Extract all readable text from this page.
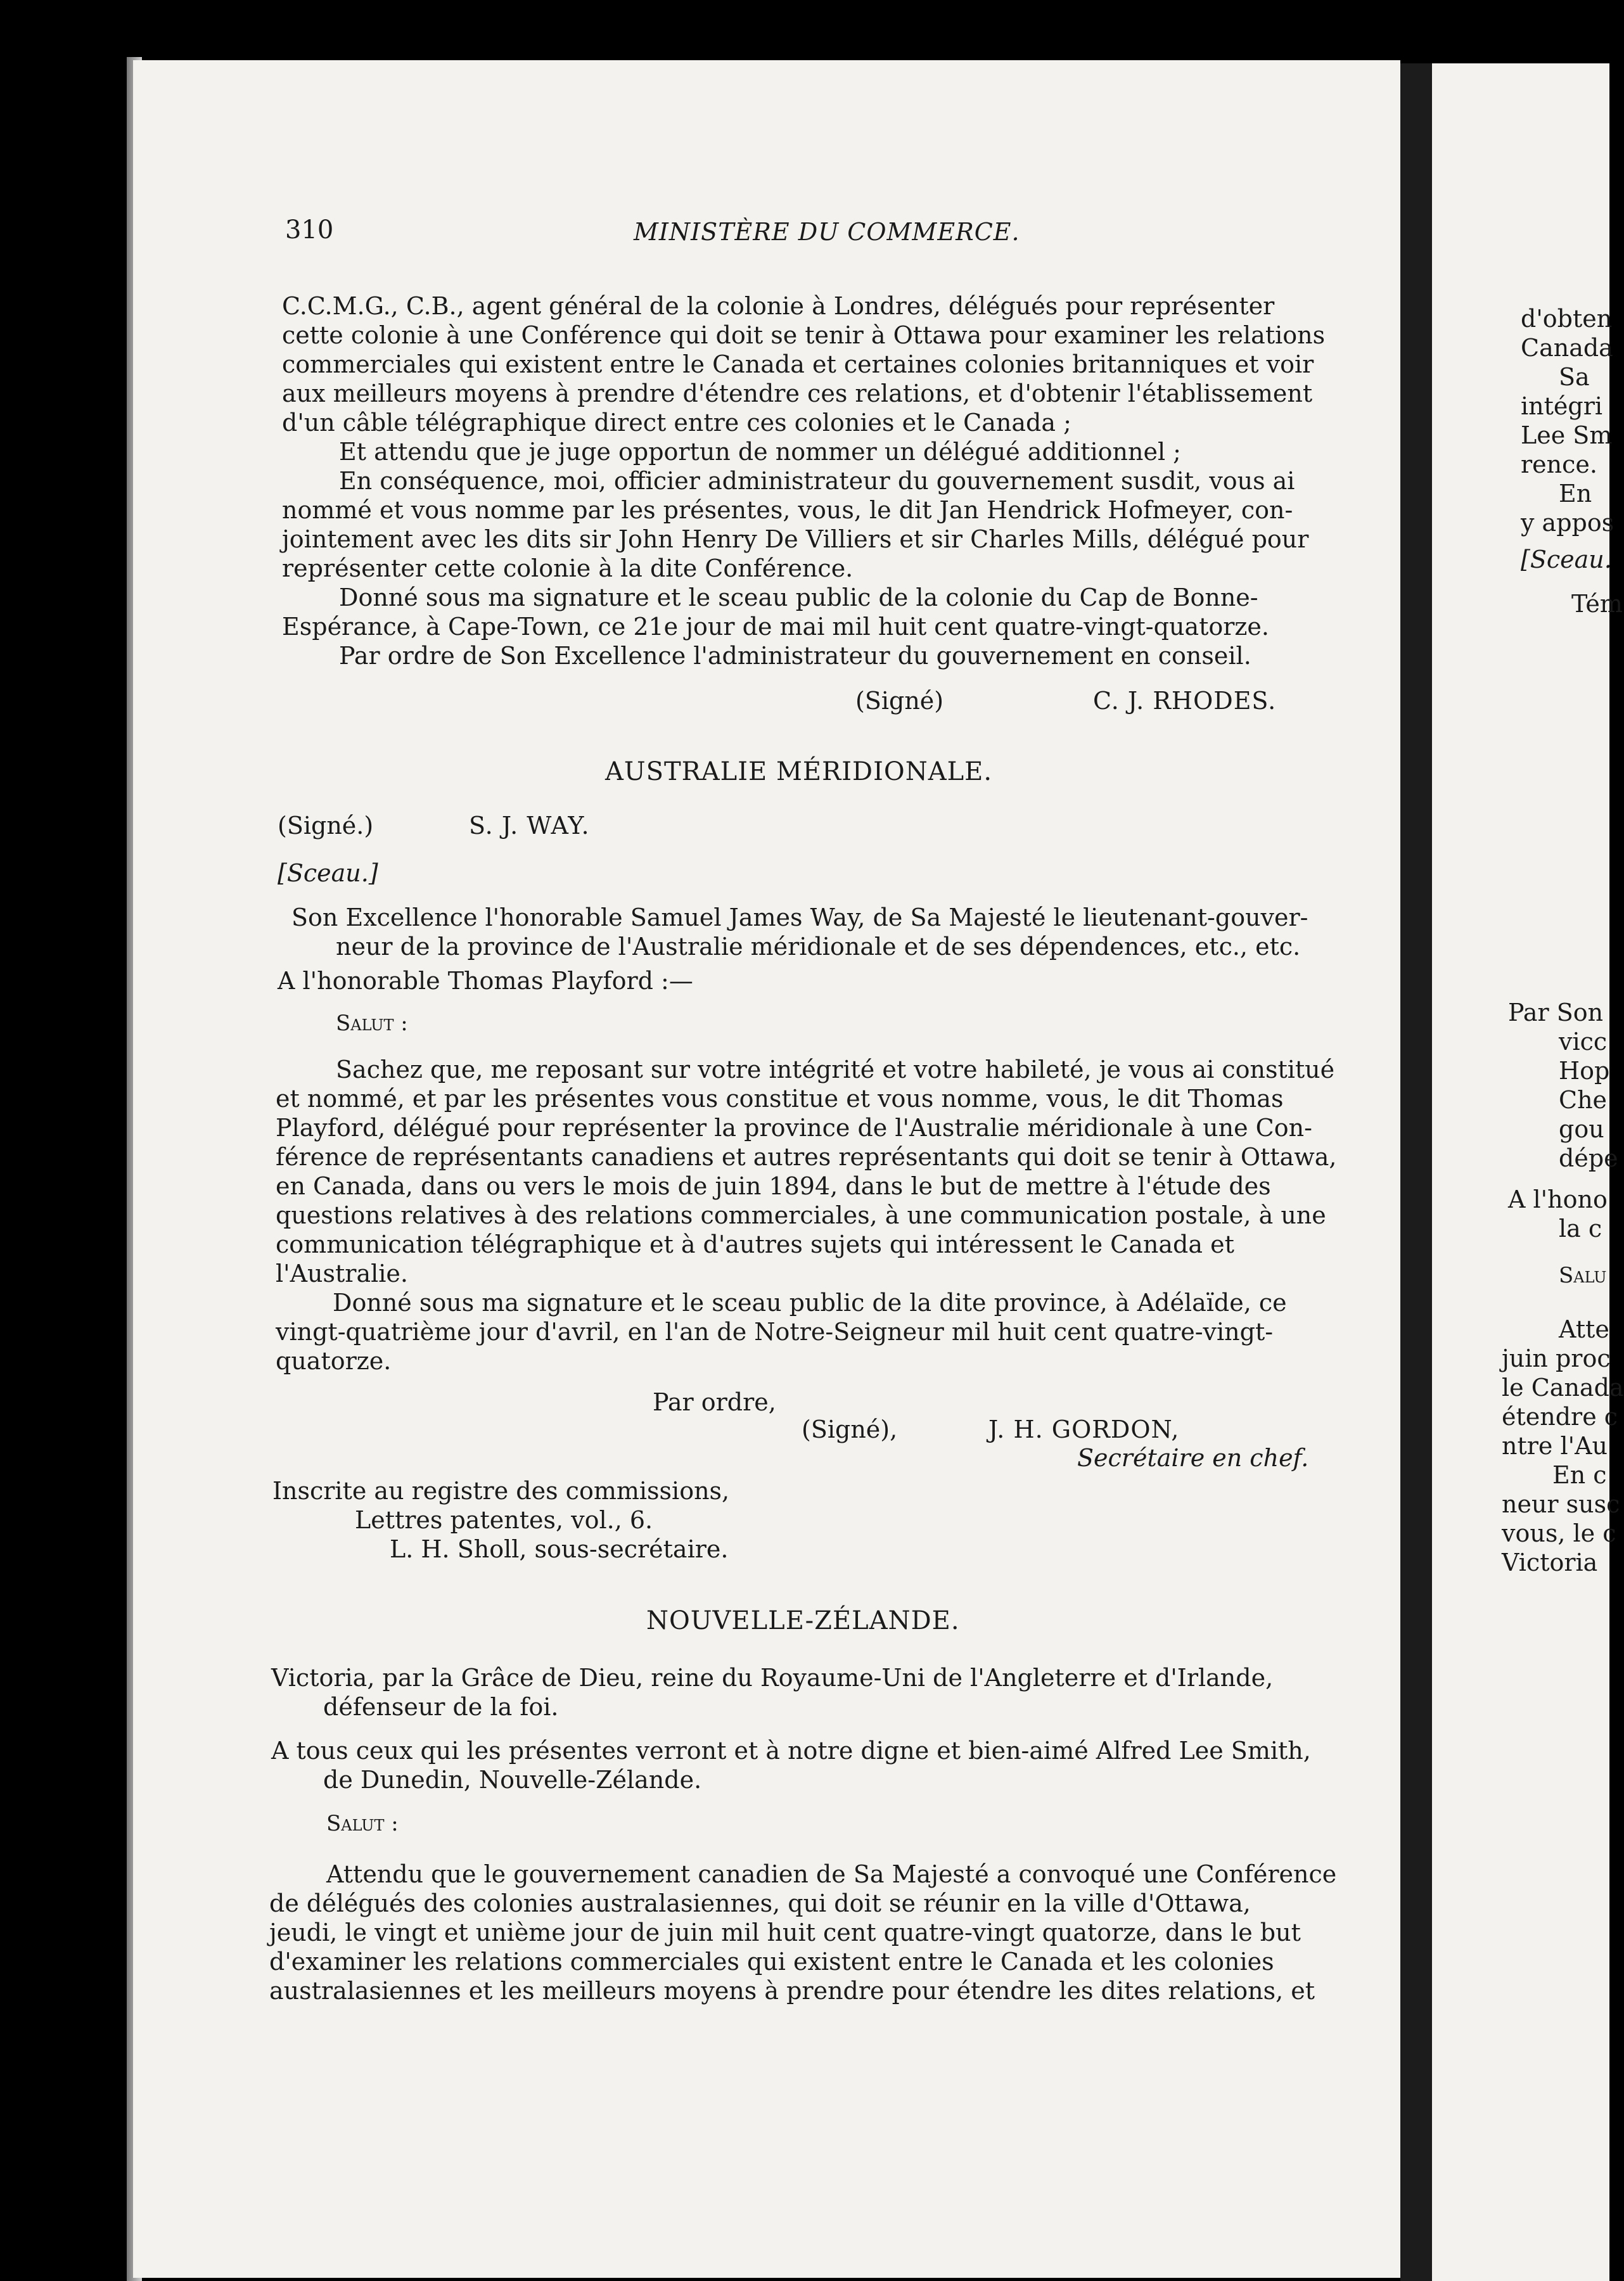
310	MINISTÈRE DU COMMERCE.
C.C.M.G., C.B., agent général de la colonie à Londres, délégués pour représenter
cette colonie à une Conférence qui doit se tenir à Ottawa pour examiner les relations
commerciales qui existent entre le Canada et certaines colonies britanniques et voir
aux meilleurs moyens à prendre d'étendre ces relations, et d'obtenir l'établissement
d'un câble télégraphique direct entre ces colonies et le Canada ;
Et attendu que je juge opportun de nommer un délégué additionnel ;
En conséquence, moi, officier administrateur du gouvernement susdit, vous ai
nommé et vous nomme par les présentes, vous, le dit Jan Hendrick Hofmeyer, con-
jointement avec les dits sir John Henry De Villiers et sir Charles Mills, délégué pour
représenter cette colonie à la dite Conférence.
Donné sous ma signature et le sceau public de la colonie du Cap de Bonne-
Espérance, à Cape-Town, ce 21e jour de mai mil huit cent quatre-vingt-quatorze.
Par ordre de Son Excellence l'administrateur du gouvernement en conseil.
(Signé)	C. J. RHODES.
AUSTRALIE MÉRIDIONALE.
(Signé.)	S. J. WAY.
[Sceau.]
Son Excellence l'honorable Samuel James Way, de Sa Majesté le lieutenant-gouver-
neur de la province de l'Australie méridionale et de ses dépendences, etc., etc.
A l'honorable Thomas Playford :—
Salut :
Sachez que, me reposant sur votre intégrité et votre habileté, je vous ai constitué
et nommé, et par les présentes vous constitue et vous nomme, vous, le dit Thomas
Playford, délégué pour représenter la province de l'Australie méridionale à une Con-
férence de représentants canadiens et autres représentants qui doit se tenir à Ottawa,
en Canada, dans ou vers le mois de juin 1894, dans le but de mettre à l'étude des
questions relatives à des relations commerciales, à une communication postale, à une
communication télégraphique et à d'autres sujets qui intéressent le Canada et
l'Australie.
Donné sous ma signature et le sceau public de la dite province, à Adélaïde, ce
vingt-quatrième jour d'avril, en l'an de Notre-Seigneur mil huit cent quatre-vingt-
quatorze.
Par ordre,
(Signé),	J. H. GORDON,
Secrétaire en chef.
Inscrite au registre des commissions,
Lettres patentes, vol., 6.
L. H. Sholl, sous-secrétaire.
NOUVELLE-ZÉLANDE.
Victoria, par la Grâce de Dieu, reine du Royaume-Uni de l'Angleterre et d'Irlande,
défenseur de la foi.
A tous ceux qui les présentes verront et à notre digne et bien-aimé Alfred Lee Smith,
de Dunedin, Nouvelle-Zélande.
Salut :
Attendu que le gouvernement canadien de Sa Majesté a convoqué une Conférence
de délégués des colonies australasiennes, qui doit se réunir en la ville d'Ottawa,
jeudi, le vingt et unième jour de juin mil huit cent quatre-vingt quatorze, dans le but
d'examiner les relations commerciales qui existent entre le Canada et les colonies
australasiennes et les meilleurs moyens à prendre pour étendre les dites relations, et
d'obten
Canada
Sa
intégri
Lee Sm
rence.
En
y appos
[Sceau.
Tém
Par Son
vicc
Hop
Che
gou
dépe
A l'hono
la c
Salu
Atte
juin proc
le Canada
étendre c
ntre l'Au
En c
neur susc
vous, le c
Victoria
